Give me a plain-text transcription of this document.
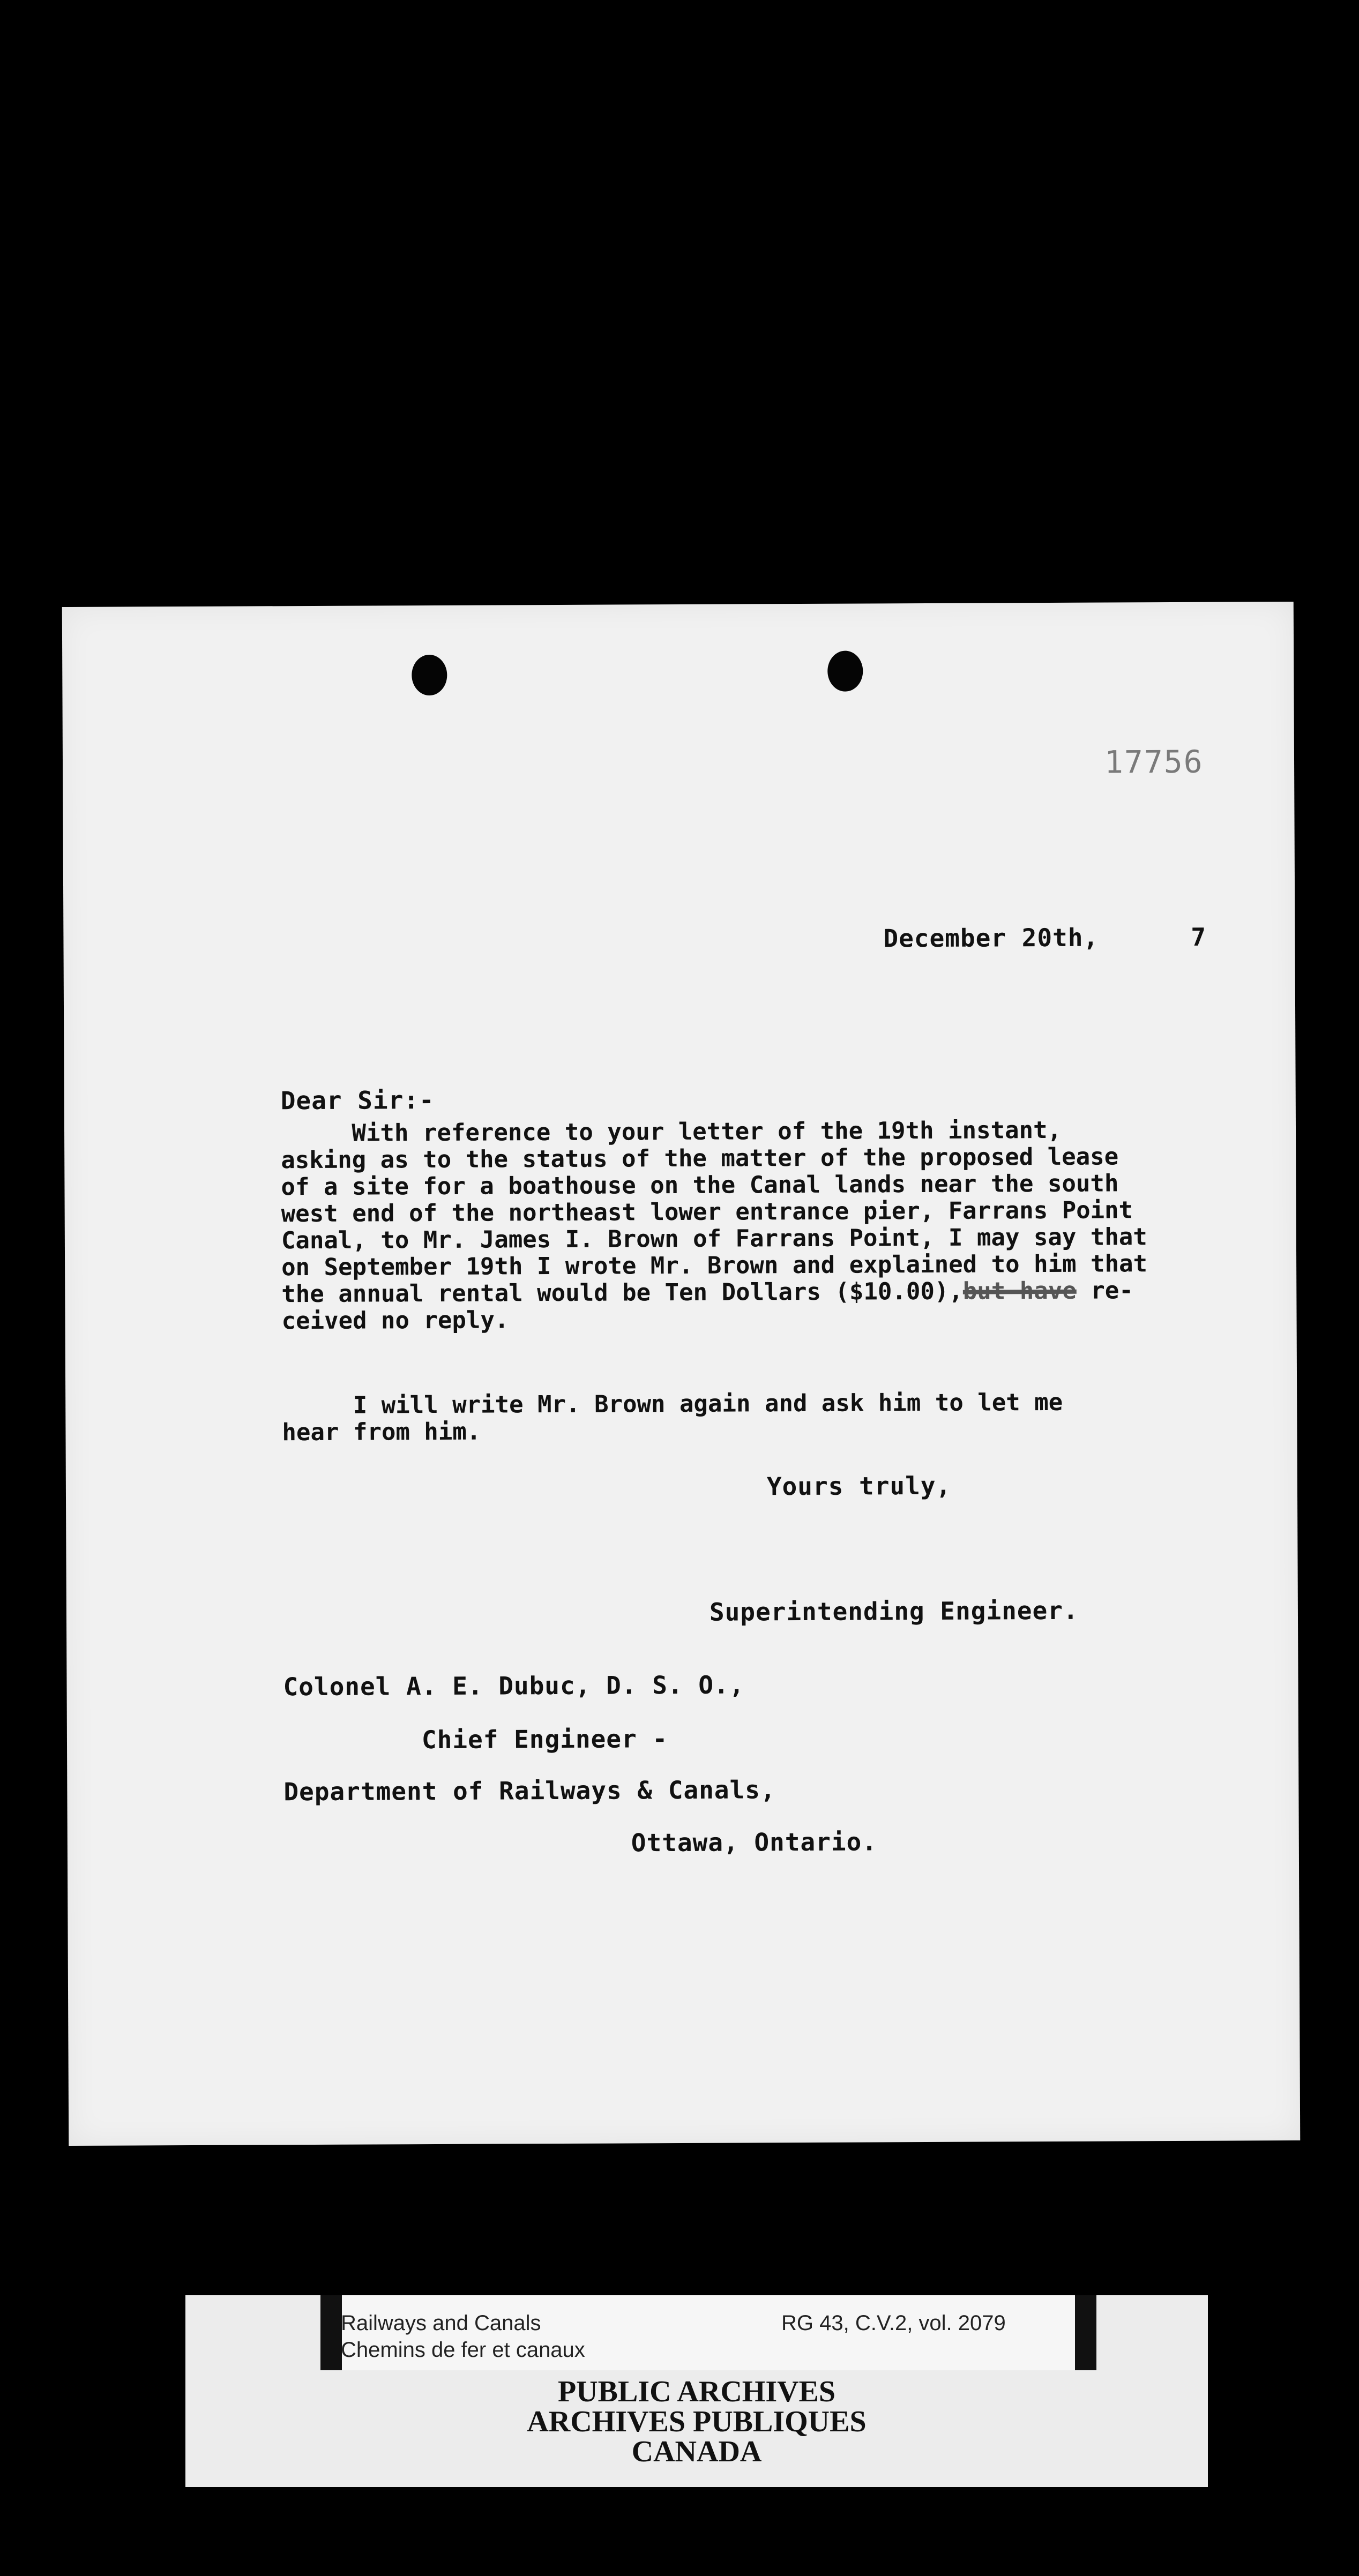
17756
December 20th,      7
Dear Sir:-
With reference to your letter of the 19th instant,
asking as to the status of the matter of the proposed lease
of a site for a boathouse on the Canal lands near the south
west end of the northeast lower entrance pier, Farrans Point
Canal, to Mr. James I. Brown of Farrans Point, I may say that
on September 19th I wrote Mr. Brown and explained to him that
the annual rental would be Ten Dollars ($10.00),but have re-
ceived no reply.
I will write Mr. Brown again and ask him to let me
hear from him.
Yours truly,
Superintending Engineer.
Colonel A. E. Dubuc, D. S. O.,
Chief Engineer -
Department of Railways & Canals,
Ottawa, Ontario.
Railways and Canals
Chemins de fer et canaux
RG 43, C.V.2, vol. 2079
PUBLIC ARCHIVES
ARCHIVES PUBLIQUES
CANADA
